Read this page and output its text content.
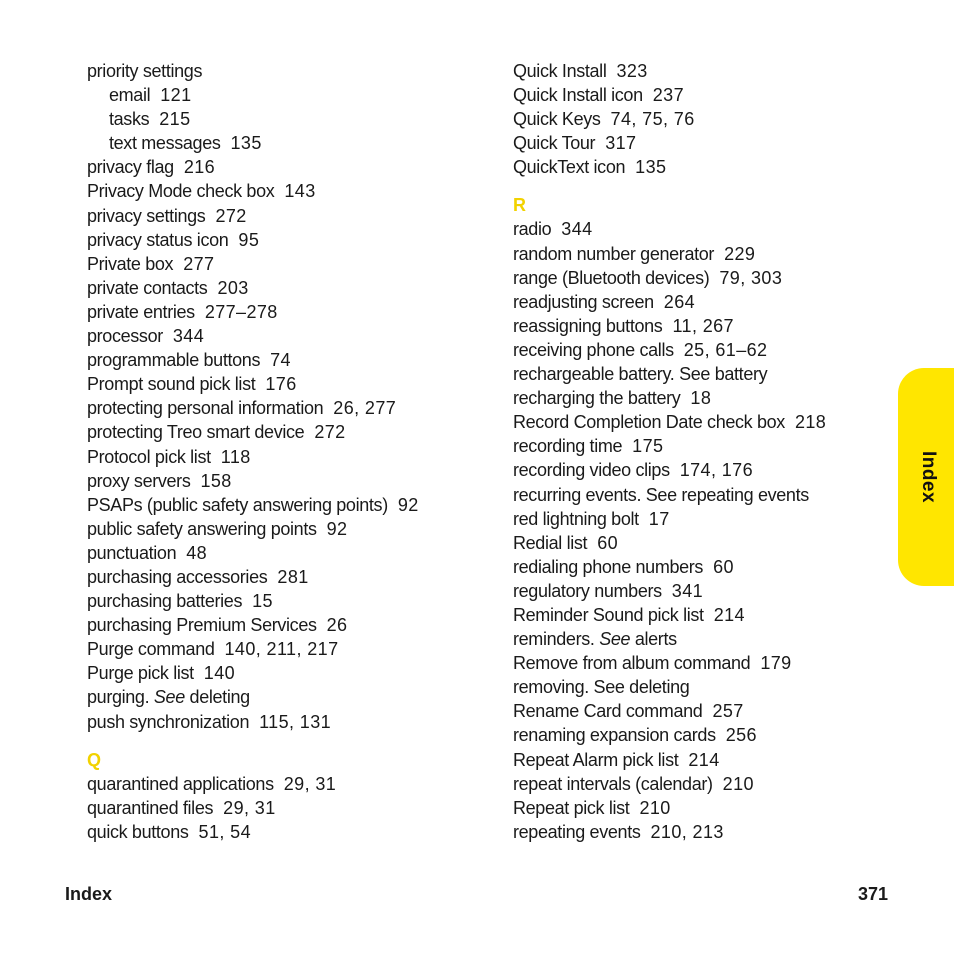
priority settings
email 121
tasks 215
text messages 135
privacy flag 216
Privacy Mode check box 143
privacy settings 272
privacy status icon 95
Private box 277
private contacts 203
private entries 277–278
processor 344
programmable buttons 74
Prompt sound pick list 176
protecting personal information 26, 277
protecting Treo smart device 272
Protocol pick list 118
proxy servers 158
PSAPs (public safety answering points) 92
public safety answering points 92
punctuation 48
purchasing accessories 281
purchasing batteries 15
purchasing Premium Services 26
Purge command 140, 211, 217
Purge pick list 140
purging. See deleting
push synchronization 115, 131
Q
quarantined applications 29, 31
quarantined files 29, 31
quick buttons 51, 54
Quick Install 323
Quick Install icon 237
Quick Keys 74, 75, 76
Quick Tour 317
QuickText icon 135
R
radio 344
random number generator 229
range (Bluetooth devices) 79, 303
readjusting screen 264
reassigning buttons 11, 267
receiving phone calls 25, 61–62
rechargeable battery. See battery
recharging the battery 18
Record Completion Date check box 218
recording time 175
recording video clips 174, 176
recurring events. See repeating events
red lightning bolt 17
Redial list 60
redialing phone numbers 60
regulatory numbers 341
Reminder Sound pick list 214
reminders. See alerts
Remove from album command 179
removing. See deleting
Rename Card command 257
renaming expansion cards 256
Repeat Alarm pick list 214
repeat intervals (calendar) 210
Repeat pick list 210
repeating events 210, 213
Index
Index	371
